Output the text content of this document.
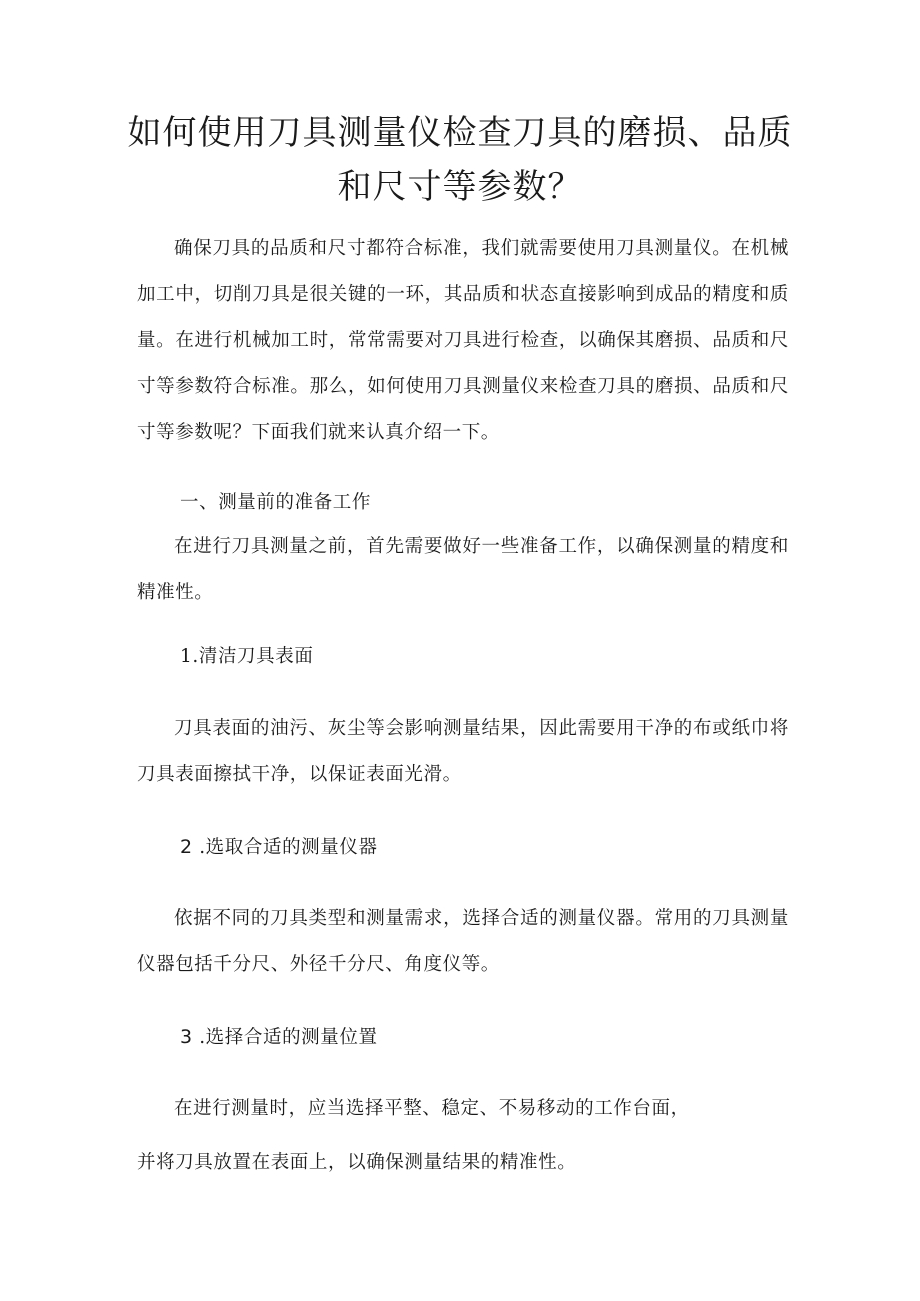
如何使用刀具测量仪检查刀具的磨损、品质和尺寸等参数？

确保刀具的品质和尺寸都符合标准，我们就需要使用刀具测量仪。在机械加工中，切削刀具是很关键的一环，其品质和状态直接影响到成品的精度和质量。在进行机械加工时，常常需要对刀具进行检查，以确保其磨损、品质和尺寸等参数符合标准。那么，如何使用刀具测量仪来检查刀具的磨损、品质和尺寸等参数呢？下面我们就来认真介绍一下。

一、测量前的准备工作

在进行刀具测量之前，首先需要做好一些准备工作，以确保测量的精度和精准性。

1.清洁刀具表面

刀具表面的油污、灰尘等会影响测量结果，因此需要用干净的布或纸巾将刀具表面擦拭干净，以保证表面光滑。

2 .选取合适的测量仪器

依据不同的刀具类型和测量需求，选择合适的测量仪器。常用的刀具测量仪器包括千分尺、外径千分尺、角度仪等。

3 .选择合适的测量位置

在进行测量时，应当选择平整、稳定、不易移动的工作台面，

并将刀具放置在表面上，以确保测量结果的精准性。
